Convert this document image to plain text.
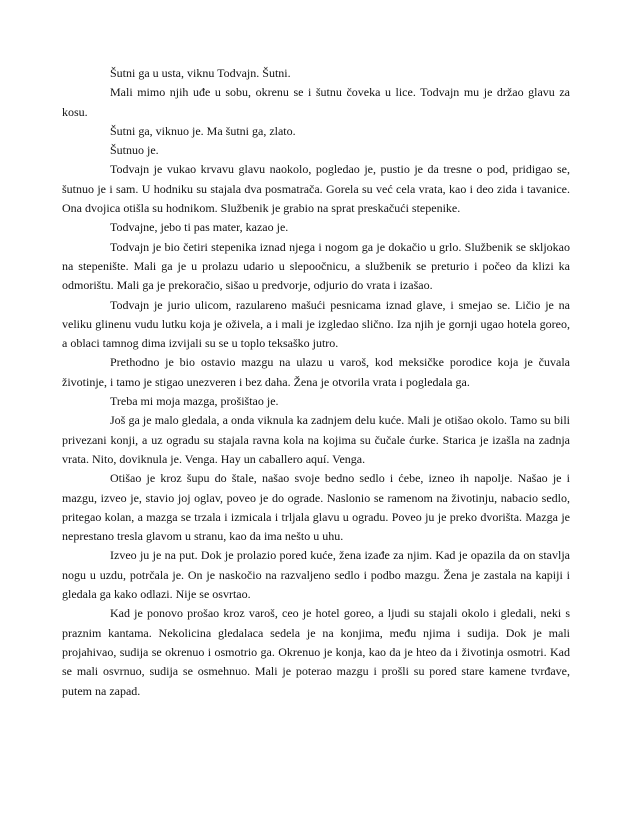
Šutni ga u usta, viknu Todvajn. Šutni.

Mali mimo njih uđe u sobu, okrenu se i šutnu čoveka u lice. Todvajn mu je držao glavu za kosu.

Šutni ga, viknuo je. Ma šutni ga, zlato.

Šutnuo je.

Todvajn je vukao krvavu glavu naokolo, pogledao je, pustio je da tresne o pod, pridigao se, šutnuo je i sam. U hodniku su stajala dva posmatrača. Gorela su već cela vrata, kao i deo zida i tavanice. Ona dvojica otišla su hodnikom. Službenik je grabio na sprat preskačući stepenike.

Todvajne, jebo ti pas mater, kazao je.

Todvajn je bio četiri stepenika iznad njega i nogom ga je dokačio u grlo. Službenik se skljokao na stepenište. Mali ga je u prolazu udario u slepoočnicu, a službenik se preturio i počeo da klizi ka odmorištu. Mali ga je prekoračio, sišao u predvorje, odjurio do vrata i izašao.

Todvajn je jurio ulicom, razulareno mašući pesnicama iznad glave, i smejao se. Ličio je na veliku glinenu vudu lutku koja je oživela, a i mali je izgledao slično. Iza njih je gornji ugao hotela goreo, a oblaci tamnog dima izvijali su se u toplo teksaško jutro.

Prethodno je bio ostavio mazgu na ulazu u varoš, kod meksičke porodice koja je čuvala životinje, i tamo je stigao unezveren i bez daha. Žena je otvorila vrata i pogledala ga.

Treba mi moja mazga, prošištao je.

Još ga je malo gledala, a onda viknula ka zadnjem delu kuće. Mali je otišao okolo. Tamo su bili privezani konji, a uz ogradu su stajala ravna kola na kojima su čučale ćurke. Starica je izašla na zadnja vrata. Nito, doviknula je. Venga. Hay un caballero aquí. Venga.

Otišao je kroz šupu do štale, našao svoje bedno sedlo i ćebe, izneo ih napolje. Našao je i mazgu, izveo je, stavio joj oglav, poveo je do ograde. Naslonio se ramenom na životinju, nabacio sedlo, pritegao kolan, a mazga se trzala i izmicala i trljala glavu u ogradu. Poveo ju je preko dvorišta. Mazga je neprestano tresla glavom u stranu, kao da ima nešto u uhu.

Izveo ju je na put. Dok je prolazio pored kuće, žena izađe za njim. Kad je opazila da on stavlja nogu u uzdu, potrčala je. On je naskočio na razvaljeno sedlo i podbo mazgu. Žena je zastala na kapiji i gledala ga kako odlazi. Nije se osvrtao.

Kad je ponovo prošao kroz varoš, ceo je hotel goreo, a ljudi su stajali okolo i gledali, neki s praznim kantama. Nekolicina gledalaca sedela je na konjima, među njima i sudija. Dok je mali projahivao, sudija se okrenuo i osmotrio ga. Okrenuo je konja, kao da je hteo da i životinja osmotri. Kad se mali osvrnuo, sudija se osmehnuo. Mali je poterao mazgu i prošli su pored stare kamene tvrđave, putem na zapad.
